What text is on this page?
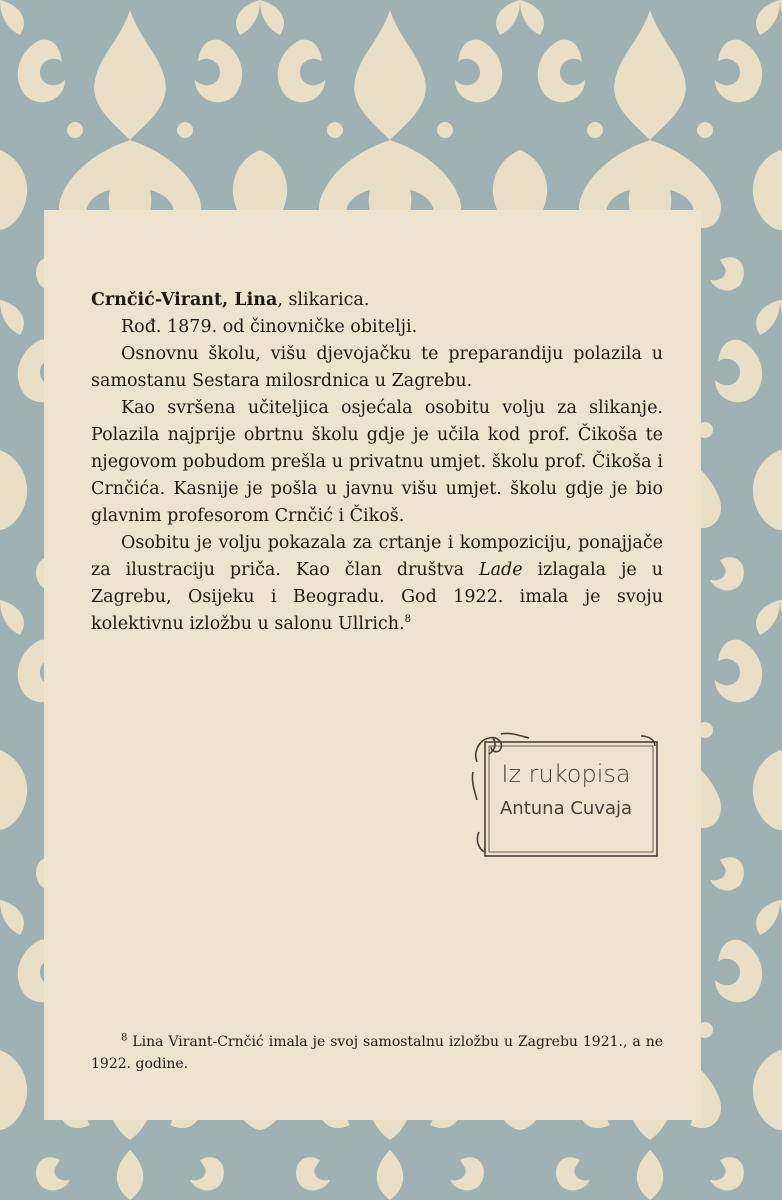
Crnčić-Virant, Lina, slikarica.

Rođ. 1879. od činovničke obitelji.

Osnovnu školu, višu djevojačku te preparandiju polazila u samostanu Sestara milosrdnica u Zagrebu.

Kao svršena učiteljica osjećala osobitu volju za slikanje. Polazila najprije obrtnu školu gdje je učila kod prof. Čikoša te njegovom pobudom prešla u privatnu umjet. školu prof. Čikoša i Crnčića. Kasnije je pošla u javnu višu umjet. školu gdje je bio glavnim profesorom Crnčić i Čikoš.

Osobitu je volju pokazala za crtanje i kompoziciju, ponajjače za ilustraciju priča. Kao član društva Lade izlagala je u Zagrebu, Osijeku i Beogradu. God 1922. imala je svoju kolektivnu izložbu u salonu Ullrich.$^8$

Iz rukopisa
Antuna Cuvaja
$^8$ Lina Virant-Crnčić imala je svoj samostalnu izložbu u Zagrebu 1921., a ne 1922. godine.
